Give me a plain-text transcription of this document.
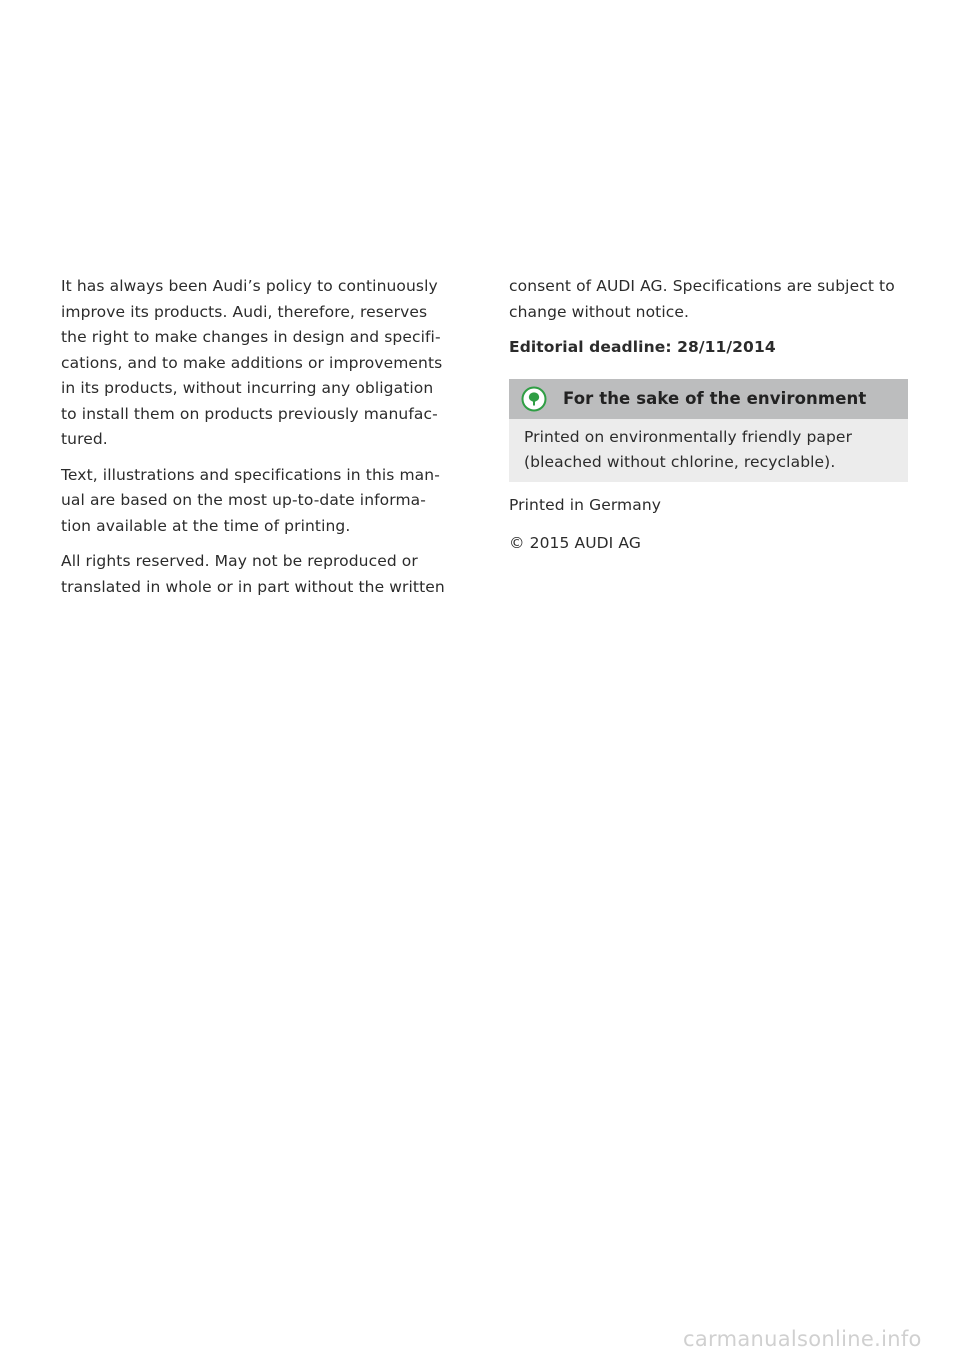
It has always been Audi’s policy to continuously
improve its products. Audi, therefore, reserves
the right to make changes in design and specifi-
cations, and to make additions or improvements
in its products, without incurring any obligation
to install them on products previously manufac-
tured.
Text, illustrations and specifications in this man-
ual are based on the most up-to-date informa-
tion available at the time of printing.
All rights reserved. May not be reproduced or
translated in whole or in part without the written
consent of AUDI AG. Specifications are subject to
change without notice.
Editorial deadline: 28/11/2014
For the sake of the environment
Printed on environmentally friendly paper
(bleached without chlorine, recyclable).
Printed in Germany
© 2015 AUDI AG
carmanualsonline.info
